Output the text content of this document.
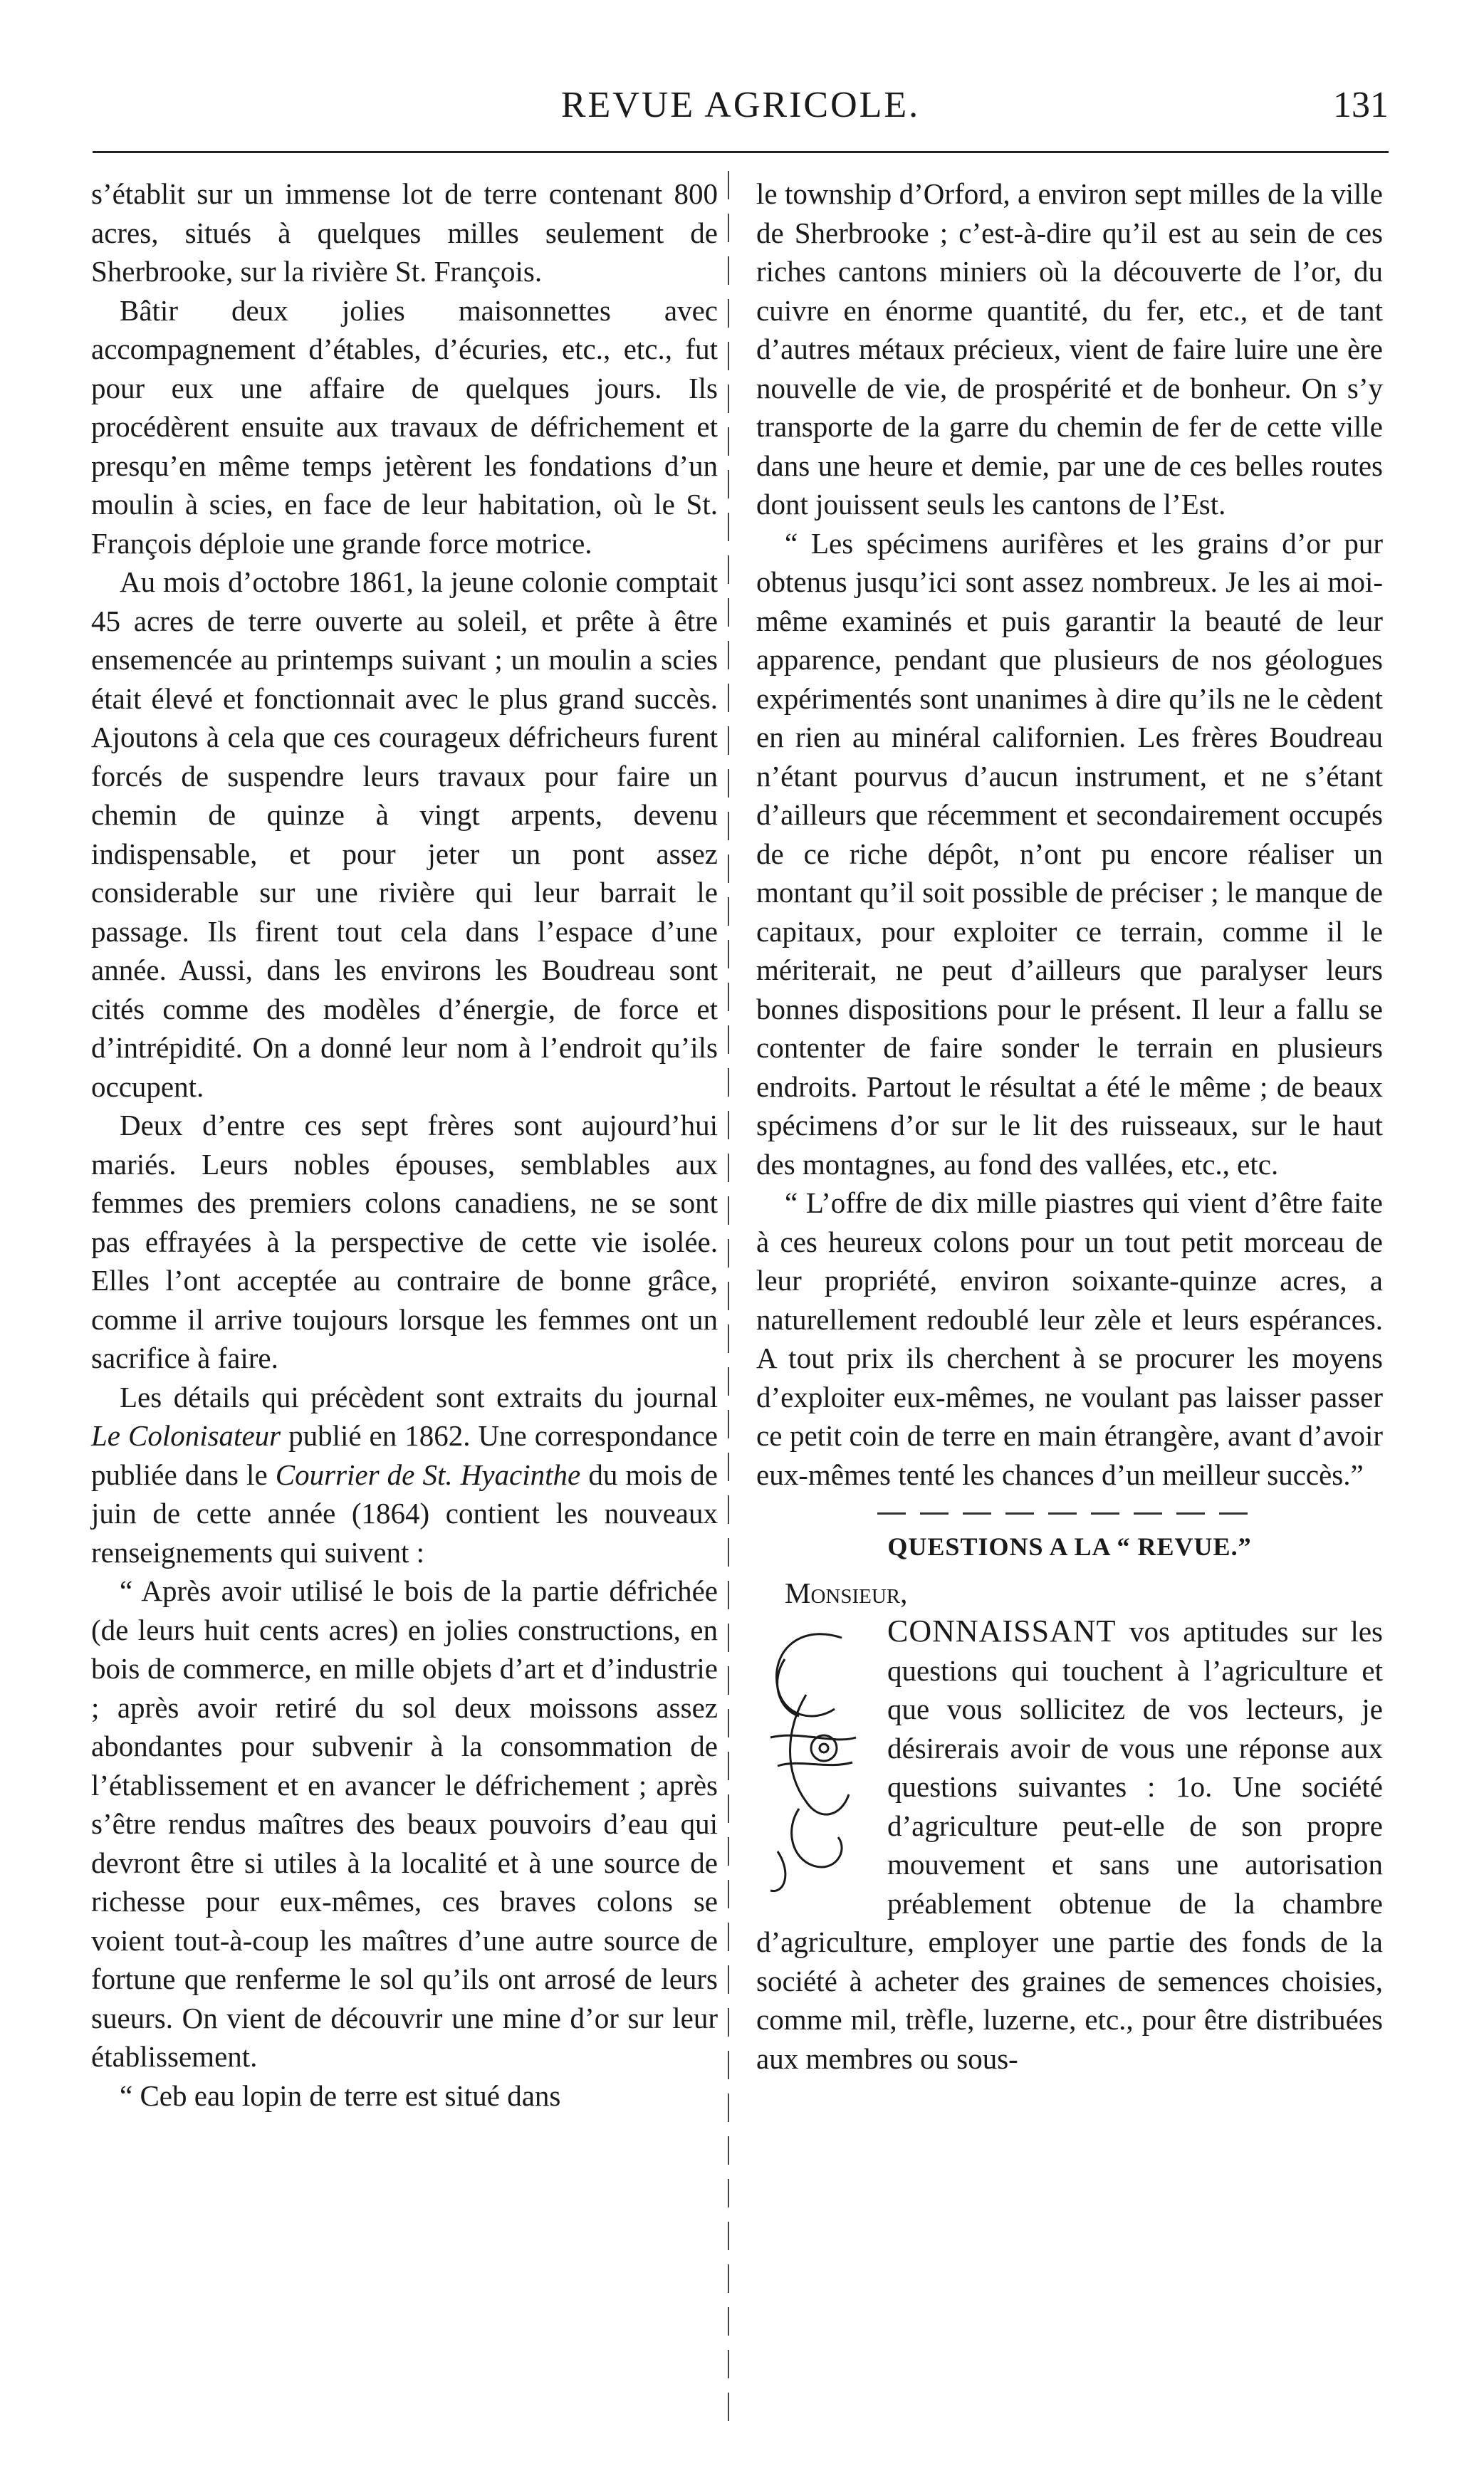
REVUE AGRICOLE.	131

s’établit sur un immense lot de terre contenant 800 acres, situés à quelques milles seulement de Sherbrooke, sur la rivière St. François.

Bâtir deux jolies maisonnettes avec accompagnement d’étables, d’écuries, etc., etc., fut pour eux une affaire de quelques jours. Ils procédèrent ensuite aux travaux de défrichement et presqu’en même temps jetèrent les fondations d’un moulin à scies, en face de leur habitation, où le St. François déploie une grande force motrice.

Au mois d’octobre 1861, la jeune colonie comptait 45 acres de terre ouverte au soleil, et prête à être ensemencée au printemps suivant ; un moulin a scies était élevé et fonctionnait avec le plus grand succès. Ajoutons à cela que ces courageux défricheurs furent forcés de suspendre leurs travaux pour faire un chemin de quinze à vingt arpents, devenu indispensable, et pour jeter un pont assez considerable sur une rivière qui leur barrait le passage. Ils firent tout cela dans l’espace d’une année. Aussi, dans les environs les Boudreau sont cités comme des modèles d’énergie, de force et d’intrépidité. On a donné leur nom à l’endroit qu’ils occupent.

Deux d’entre ces sept frères sont aujourd’hui mariés. Leurs nobles épouses, semblables aux femmes des premiers colons canadiens, ne se sont pas effrayées à la perspective de cette vie isolée. Elles l’ont acceptée au contraire de bonne grâce, comme il arrive toujours lorsque les femmes ont un sacrifice à faire.

Les détails qui précèdent sont extraits du journal Le Colonisateur publié en 1862. Une correspondance publiée dans le Courrier de St. Hyacinthe du mois de juin de cette année (1864) contient les nouveaux renseignements qui suivent :

“ Après avoir utilisé le bois de la partie défrichée (de leurs huit cents acres) en jolies constructions, en bois de commerce, en mille objets d’art et d’industrie ; après avoir retiré du sol deux moissons assez abondantes pour subvenir à la consommation de l’établissement et en avancer le défrichement ; après s’être rendus maîtres des beaux pouvoirs d’eau qui devront être si utiles à la localité et à une source de richesse pour eux-mêmes, ces braves colons se voient tout-à-coup les maîtres d’une autre source de fortune que renferme le sol qu’ils ont arrosé de leurs sueurs. On vient de découvrir une mine d’or sur leur établissement.

“ Ceb eau lopin de terre est situé dans

le township d’Orford, a environ sept milles de la ville de Sherbrooke ; c’est-à-dire qu’il est au sein de ces riches cantons miniers où la découverte de l’or, du cuivre en énorme quantité, du fer, etc., et de tant d’autres métaux précieux, vient de faire luire une ère nouvelle de vie, de prospérité et de bonheur. On s’y transporte de la garre du chemin de fer de cette ville dans une heure et demie, par une de ces belles routes dont jouissent seuls les cantons de l’Est.

“ Les spécimens aurifères et les grains d’or pur obtenus jusqu’ici sont assez nombreux. Je les ai moi-même examinés et puis garantir la beauté de leur apparence, pendant que plusieurs de nos géologues expérimentés sont unanimes à dire qu’ils ne le cèdent en rien au minéral californien. Les frères Boudreau n’étant pourvus d’aucun instrument, et ne s’étant d’ailleurs que récemment et secondairement occupés de ce riche dépôt, n’ont pu encore réaliser un montant qu’il soit possible de préciser ; le manque de capitaux, pour exploiter ce terrain, comme il le mériterait, ne peut d’ailleurs que paralyser leurs bonnes dispositions pour le présent. Il leur a fallu se contenter de faire sonder le terrain en plusieurs endroits. Partout le résultat a été le même ; de beaux spécimens d’or sur le lit des ruisseaux, sur le haut des montagnes, au fond des vallées, etc., etc.

“ L’offre de dix mille piastres qui vient d’être faite à ces heureux colons pour un tout petit morceau de leur propriété, environ soixante-quinze acres, a naturellement redoublé leur zèle et leurs espérances. A tout prix ils cherchent à se procurer les moyens d’exploiter eux-mêmes, ne voulant pas laisser passer ce petit coin de terre en main étrangère, avant d’avoir eux-mêmes tenté les chances d’un meilleur succès.”

QUESTIONS A LA “ REVUE.”

Monsieur,

CONNAISSANT vos aptitudes sur les questions qui touchent à l’agriculture et que vous sollicitez de vos lecteurs, je désirerais avoir de vous une réponse aux questions suivantes : 1o. Une société d’agriculture peut-elle de son propre mouvement et sans une autorisation préablement obtenue de la chambre d’agriculture, employer une partie des fonds de la société à acheter des graines de semences choisies, comme mil, trèfle, luzerne, etc., pour être distribuées aux membres ou sous-
